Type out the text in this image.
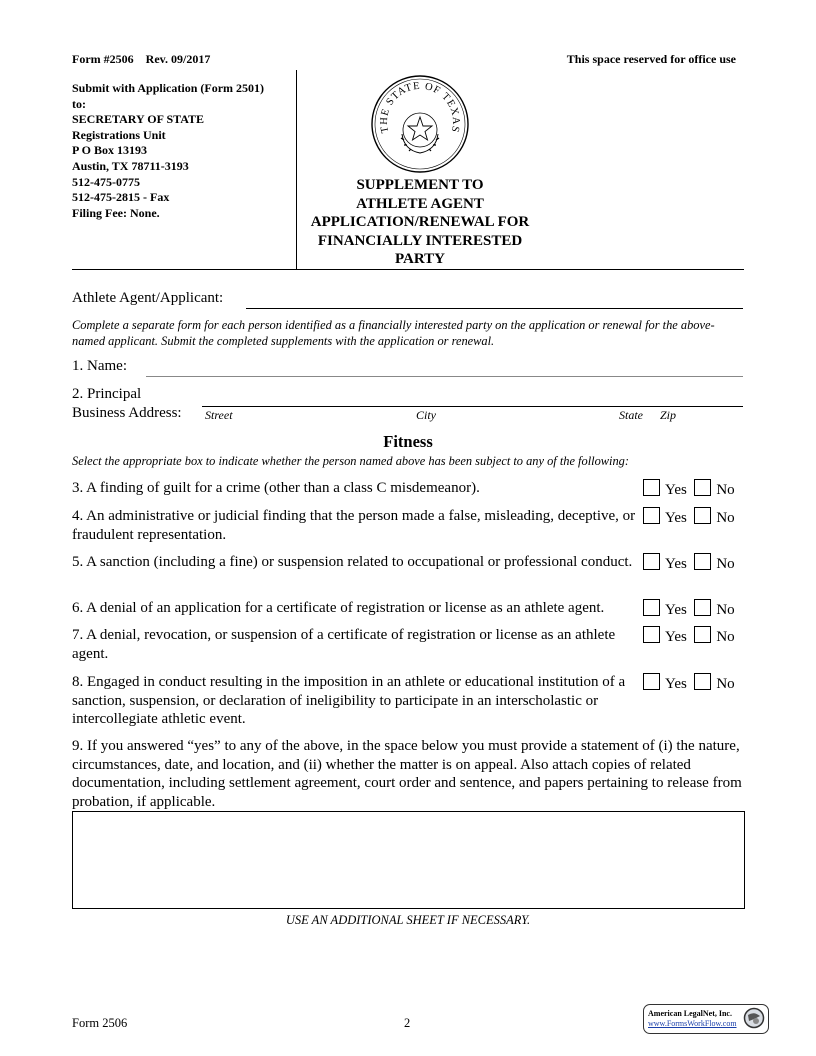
Form #2506 Rev. 09/2017	This space reserved for office use
Submit with Application (Form 2501)
to:
SECRETARY OF STATE
Registrations Unit
P O Box 13193
Austin, TX 78711-3193
512-475-0775
512-475-2815 - Fax
Filing Fee: None.
THE STATE OF TEXAS
SUPPLEMENT TO
ATHLETE AGENT
APPLICATION/RENEWAL FOR
FINANCIALLY INTERESTED
PARTY
Athlete Agent/Applicant:
Complete a separate form for each person identified as a financially interested party on the application or renewal for the above-named applicant. Submit the completed supplements with the application or renewal.
1. Name:
2. Principal
Business Address: Street	City	State Zip
Fitness
Select the appropriate box to indicate whether the person named above has been subject to any of the following:
3. A finding of guilt for a crime (other than a class C misdemeanor).	Yes No
4. An administrative or judicial finding that the person made a false, misleading, deceptive, or fraudulent representation.
Yes No
5. A sanction (including a fine) or suspension related to occupational or professional conduct.	Yes No
6. A denial of an application for a certificate of registration or license as an athlete agent.	Yes No
7. A denial, revocation, or suspension of a certificate of registration or license as an athlete agent.
Yes No
8. Engaged in conduct resulting in the imposition in an athlete or educational institution of a sanction, suspension, or declaration of ineligibility to participate in an interscholastic or intercollegiate athletic event.
Yes No
9. If you answered “yes” to any of the above, in the space below you must provide a statement of (i) the nature, circumstances, date, and location, and (ii) whether the matter is on appeal. Also attach copies of related documentation, including settlement agreement, court order and sentence, and papers pertaining to release from probation, if applicable.
USE AN ADDITIONAL SHEET IF NECESSARY.
Form 2506	2
American LegalNet, Inc.
www.FormsWorkFlow.com
